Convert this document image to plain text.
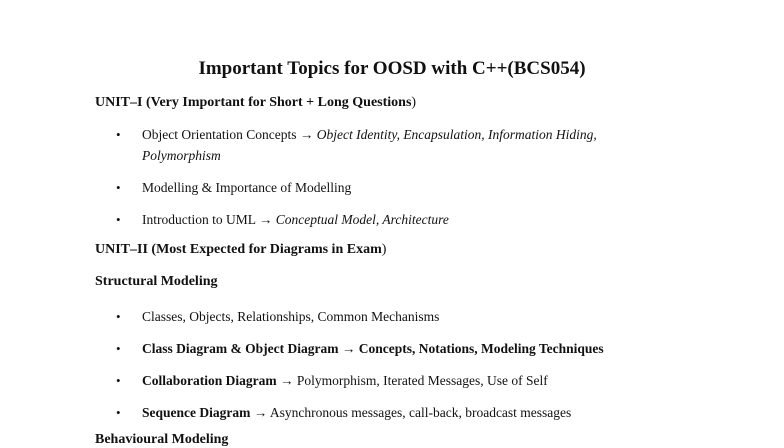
Important Topics for OOSD with C++(BCS054)
UNIT–I (Very Important for Short + Long Questions)
• Object Orientation Concepts → Object Identity, Encapsulation, Information Hiding,
Polymorphism
• Modelling & Importance of Modelling
• Introduction to UML → Conceptual Model, Architecture
UNIT–II (Most Expected for Diagrams in Exam)
Structural Modeling
• Classes, Objects, Relationships, Common Mechanisms
• Class Diagram & Object Diagram → Concepts, Notations, Modeling Techniques
• Collaboration Diagram → Polymorphism, Iterated Messages, Use of Self
• Sequence Diagram → Asynchronous messages, call-back, broadcast messages
Behavioural Modeling
